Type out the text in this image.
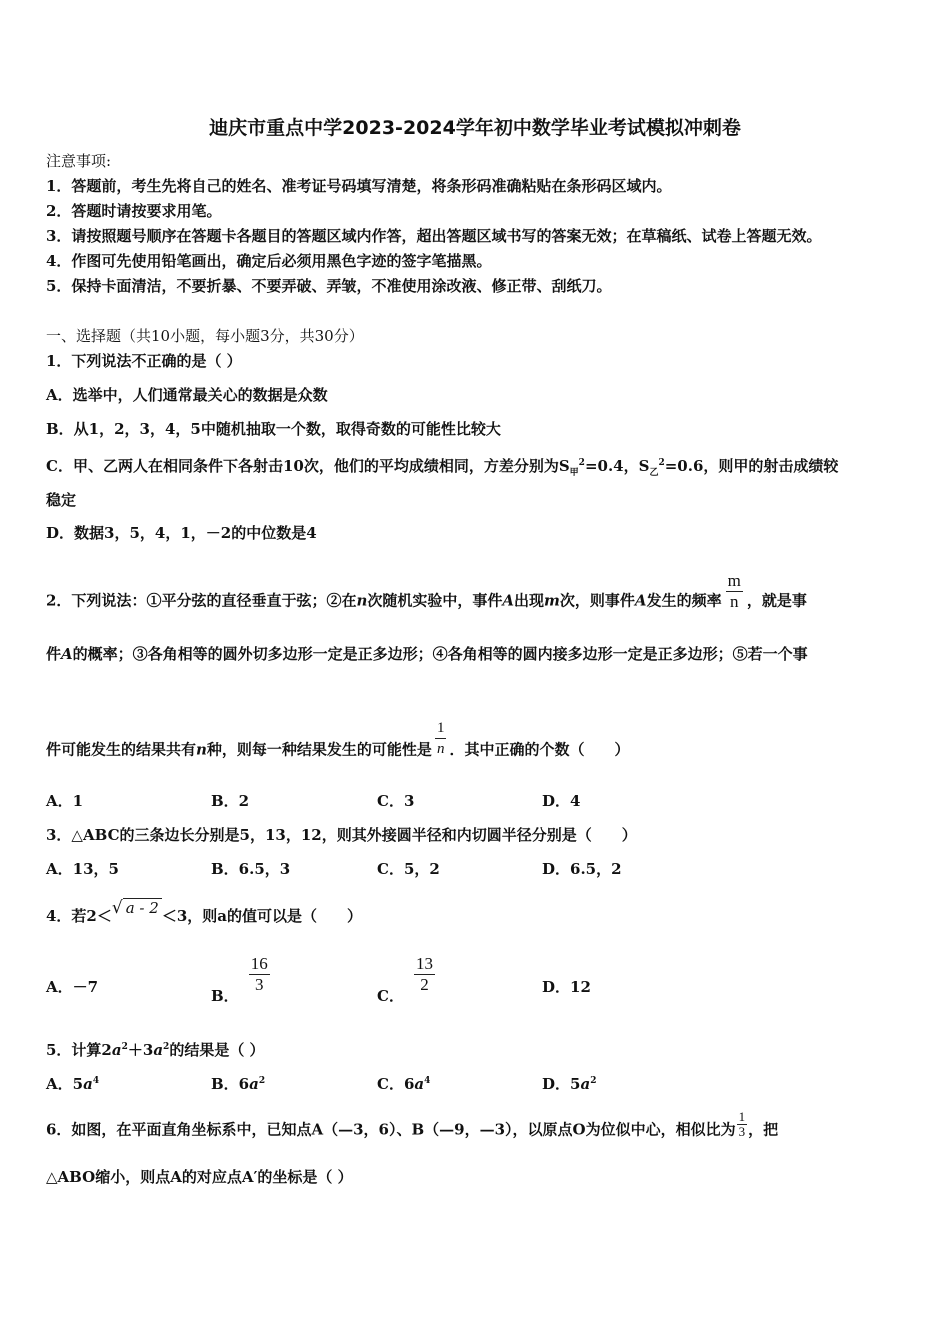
迪庆市重点中学2023-2024学年初中数学毕业考试模拟冲刺卷
注意事项:
1．答题前，考生先将自己的姓名、准考证号码填写清楚，将条形码准确粘贴在条形码区域内。
2．答题时请按要求用笔。
3．请按照题号顺序在答题卡各题目的答题区域内作答，超出答题区域书写的答案无效；在草稿纸、试卷上答题无效。
4．作图可先使用铅笔画出，确定后必须用黑色字迹的签字笔描黑。
5．保持卡面清洁，不要折暴、不要弄破、弄皱，不准使用涂改液、修正带、刮纸刀。
一、选择题（共10小题，每小题3分，共30分）
1．下列说法不正确的是（ ）
A．选举中，人们通常最关心的数据是众数
B．从1，2，3，4，5中随机抽取一个数，取得奇数的可能性比较大
C．甲、乙两人在相同条件下各射击10次，他们的平均成绩相同，方差分别为$S_甲^2=0.4$，$S_乙^2=0.6$，则甲的射击成绩较
稳定
D．数据3，5，4，1，－2的中位数是4
2．下列说法：①平分弦的直径垂直于弦；②在n次随机实验中，事件A出现m次，则事件A发生的频率 $\frac{m}{n}$ ，就是事
件A的概率；③各角相等的圆外切多边形一定是正多边形；④各角相等的圆内接多边形一定是正多边形；⑤若一个事
件可能发生的结果共有n种，则每一种结果发生的可能性是 $\frac{1}{n}$ ．其中正确的个数（　　）
A．1	B．2	C．3	D．4
3．△ABC的三条边长分别是5，13，12，则其外接圆半径和内切圆半径分别是（　　）
A．13，5	B．6.5，3	C．5，2	D．6.5，2
4．若2＜√ a - 2 ＜3，则a的值可以是（　　）
A．－7	B．
$\frac{16}{3}$
C．
$\frac{13}{2}$	D．12
5．计算$2a^2+3a^2$的结果是（ ）
A．$5a^4$	B．$6a^2$	C．$6a^4$	D．$5a^2$
6．如图，在平面直角坐标系中，已知点A（—3，6）、B（—9，—3），以原点O为位似中心，相似比为 $\frac{1}{3}$ ，把
△ABO缩小，则点A的对应点A′的坐标是（ ）
